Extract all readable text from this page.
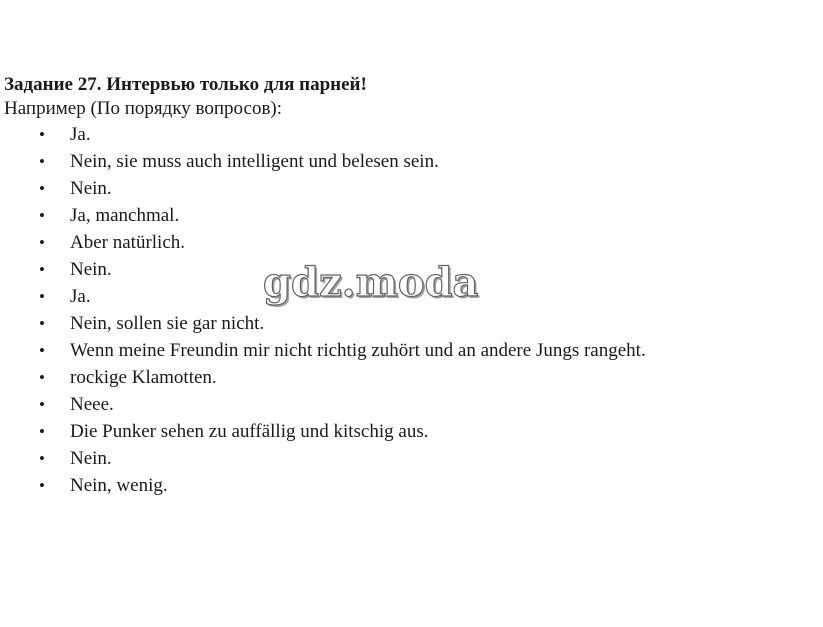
Задание 27. Интервью только для парней!

Например (По порядку вопросов):

• Ja.
• Nein, sie muss auch intelligent und belesen sein.
• Nein.
• Ja, manchmal.
• Aber natürlich.
• Nein.
• Ja.
• Nein, sollen sie gar nicht.
• Wenn meine Freundin mir nicht richtig zuhört und an andere Jungs rangeht.
• rockige Klamotten.
• Neee.
• Die Punker sehen zu auffällig und kitschig aus.
• Nein.
• Nein, wenig.
gdz.moda
